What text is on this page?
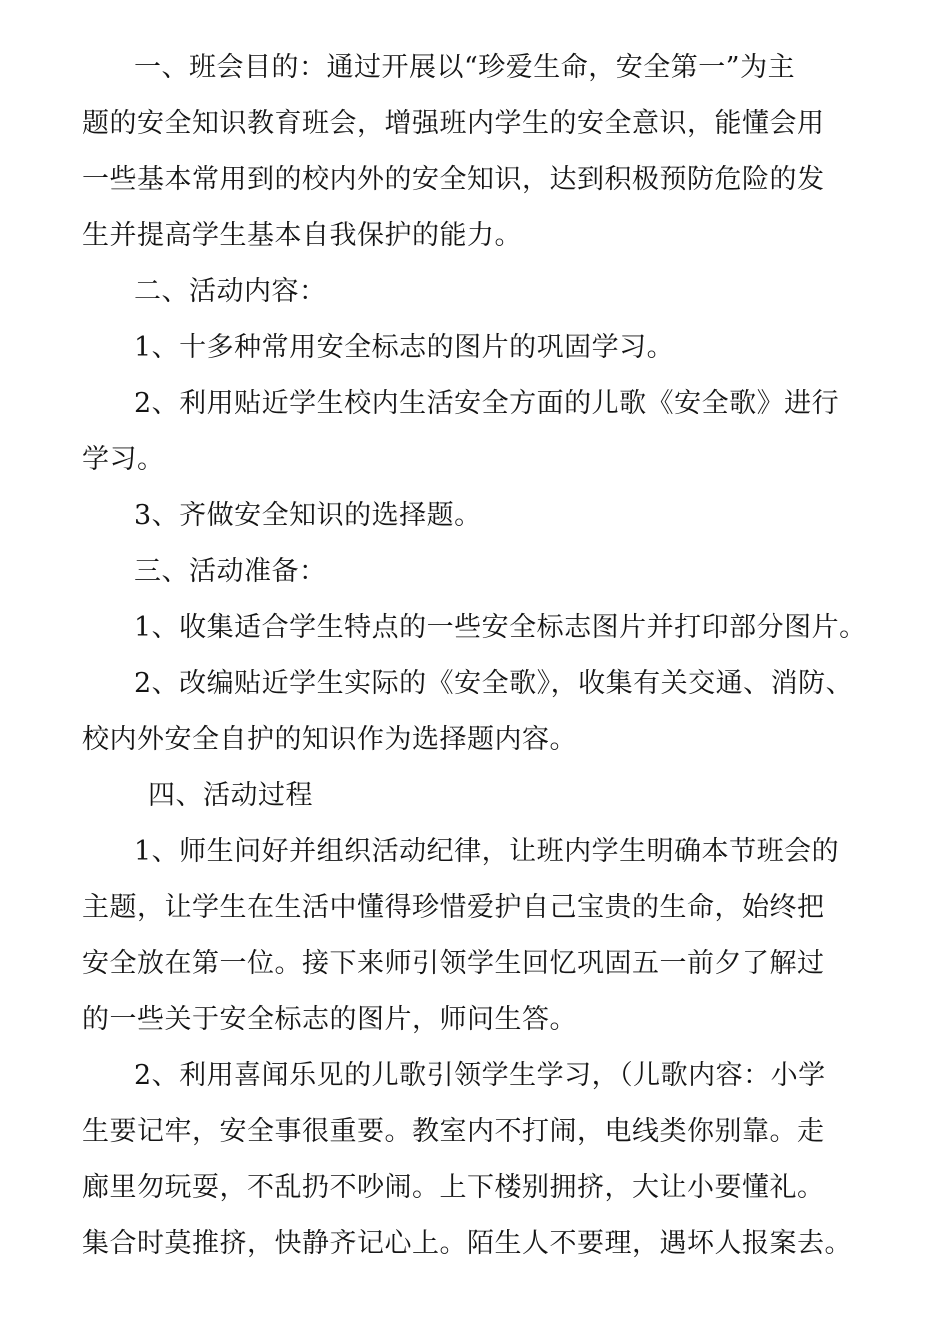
一、班会目的：通过开展以“珍爱生命，安全第一”为主

题的安全知识教育班会，增强班内学生的安全意识，能懂会用

一些基本常用到的校内外的安全知识，达到积极预防危险的发

生并提高学生基本自我保护的能力。

二、活动内容：

1、十多种常用安全标志的图片的巩固学习。

2、利用贴近学生校内生活安全方面的儿歌《安全歌》进行

学习。

3、齐做安全知识的选择题。

三、活动准备：

1、收集适合学生特点的一些安全标志图片并打印部分图片。

2、改编贴近学生实际的《安全歌》，收集有关交通、消防、

校内外安全自护的知识作为选择题内容。

四、活动过程

1、师生问好并组织活动纪律，让班内学生明确本节班会的

主题，让学生在生活中懂得珍惜爱护自己宝贵的生命，始终把

安全放在第一位。接下来师引领学生回忆巩固五一前夕了解过

的一些关于安全标志的图片，师问生答。

2、利用喜闻乐见的儿歌引领学生学习，（儿歌内容：小学

生要记牢，安全事很重要。教室内不打闹，电线类你别靠。走

廊里勿玩耍，不乱扔不吵闹。上下楼别拥挤，大让小要懂礼。

集合时莫推挤，快静齐记心上。陌生人不要理，遇坏人报案去。
